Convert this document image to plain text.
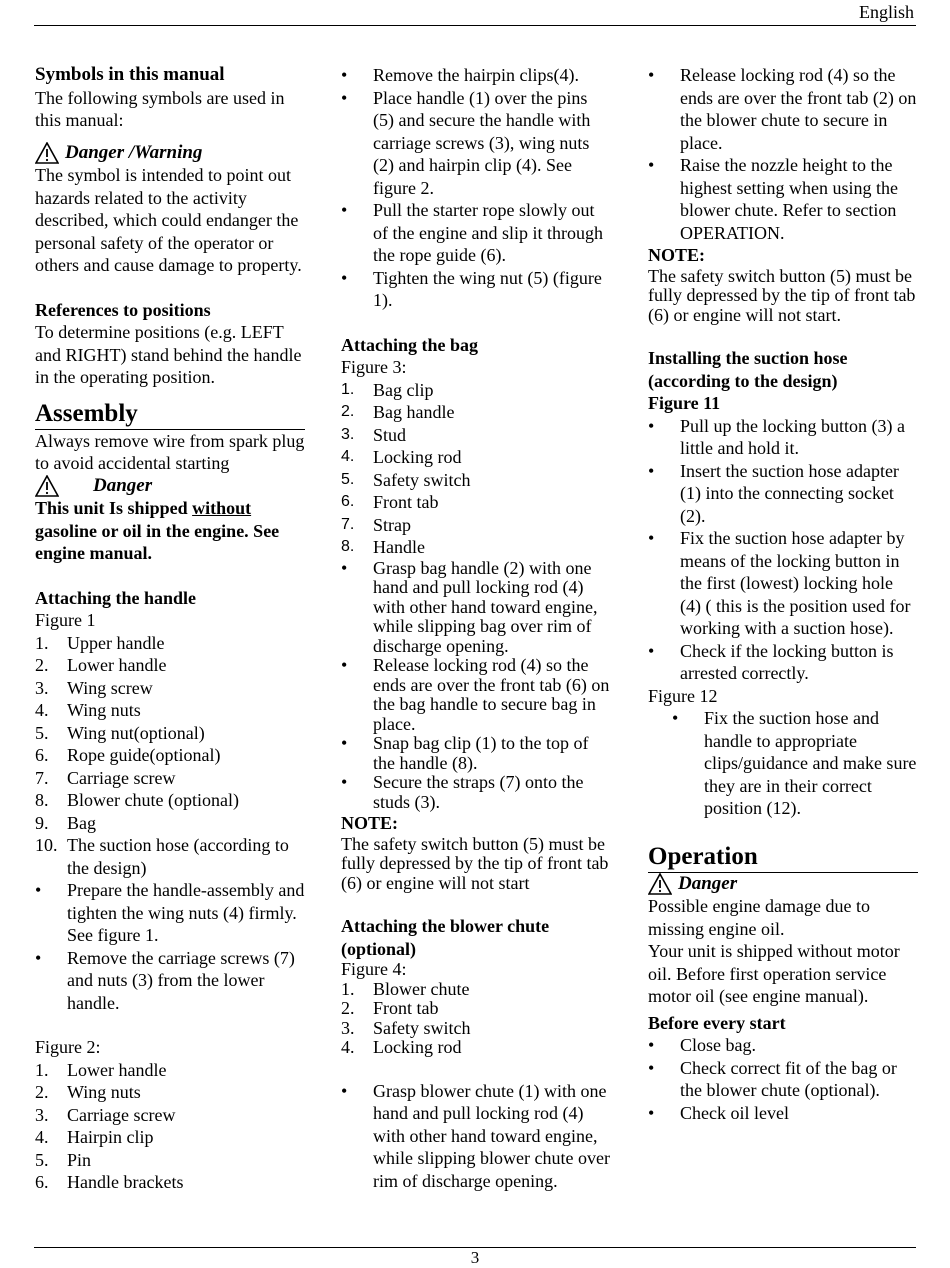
English

Symbols in this manual

The following symbols are used in this manual:

Danger /Warning

The symbol is intended to point out hazards related to the activity described, which could endanger the personal safety of the operator or others and cause damage to property.

References to positions

To determine positions (e.g. LEFT and RIGHT) stand behind the handle in the operating position.

Assembly

Always remove wire from spark plug to avoid accidental starting

Danger

This unit Is shipped without gasoline or oil in the engine. See engine manual.

Attaching the handle

Figure 1

1. Upper handle
2. Lower handle
3. Wing screw
4. Wing nuts
5. Wing nut(optional)
6. Rope guide(optional)
7. Carriage screw
8. Blower chute (optional)
9. Bag
10. The suction hose (according to the design)
• Prepare the handle-assembly and tighten the wing nuts (4) firmly. See figure 1.
• Remove the carriage screws (7) and nuts (3) from the lower handle.

Figure 2:

1. Lower handle
2. Wing nuts
3. Carriage screw
4. Hairpin clip
5. Pin
6. Handle brackets
• Remove the hairpin clips(4).
• Place handle (1) over the pins (5) and secure the handle with carriage screws (3), wing nuts (2) and hairpin clip (4). See figure 2.
• Pull the starter rope slowly out of the engine and slip it through the rope guide (6).
• Tighten the wing nut (5) (figure 1).

Attaching the bag

Figure 3:

1. Bag clip
2. Bag handle
3. Stud
4. Locking rod
5. Safety switch
6. Front tab
7. Strap
8. Handle
• Grasp bag handle (2) with one hand and pull locking rod (4) with other hand toward engine, while slipping bag over rim of discharge opening.
• Release locking rod (4) so the ends are over the front tab (6) on the bag handle to secure bag in place.
• Snap bag clip (1) to the top of the handle (8).
• Secure the straps (7) onto the studs (3).

NOTE:

The safety switch button (5) must be fully depressed by the tip of front tab (6) or engine will not start

Attaching the blower chute (optional)

Figure 4:

1. Blower chute
2. Front tab
3. Safety switch
4. Locking rod
• Grasp blower chute (1) with one hand and pull locking rod (4) with other hand toward engine, while slipping blower chute over rim of discharge opening.
• Release locking rod (4) so the ends are over the front tab (2) on the blower chute to secure in place.
• Raise the nozzle height to the highest setting when using the blower chute. Refer to section OPERATION.

NOTE:

The safety switch button (5) must be fully depressed by the tip of front tab (6) or engine will not start.

Installing the suction hose (according to the design)

Figure 11

• Pull up the locking button (3) a little and hold it.
• Insert the suction hose adapter (1) into the connecting socket (2).
• Fix the suction hose adapter by means of the locking button in the first (lowest) locking hole (4) ( this is the position used for working with a suction hose).
• Check if the locking button is arrested correctly.

Figure 12

• Fix the suction hose and handle to appropriate clips/guidance and make sure they are in their correct position (12).

Operation

Danger

Possible engine damage due to missing engine oil.

Your unit is shipped without motor oil. Before first operation service motor oil (see engine manual).

Before every start

• Close bag.
• Check correct fit of the bag or the blower chute (optional).
• Check oil level
3
